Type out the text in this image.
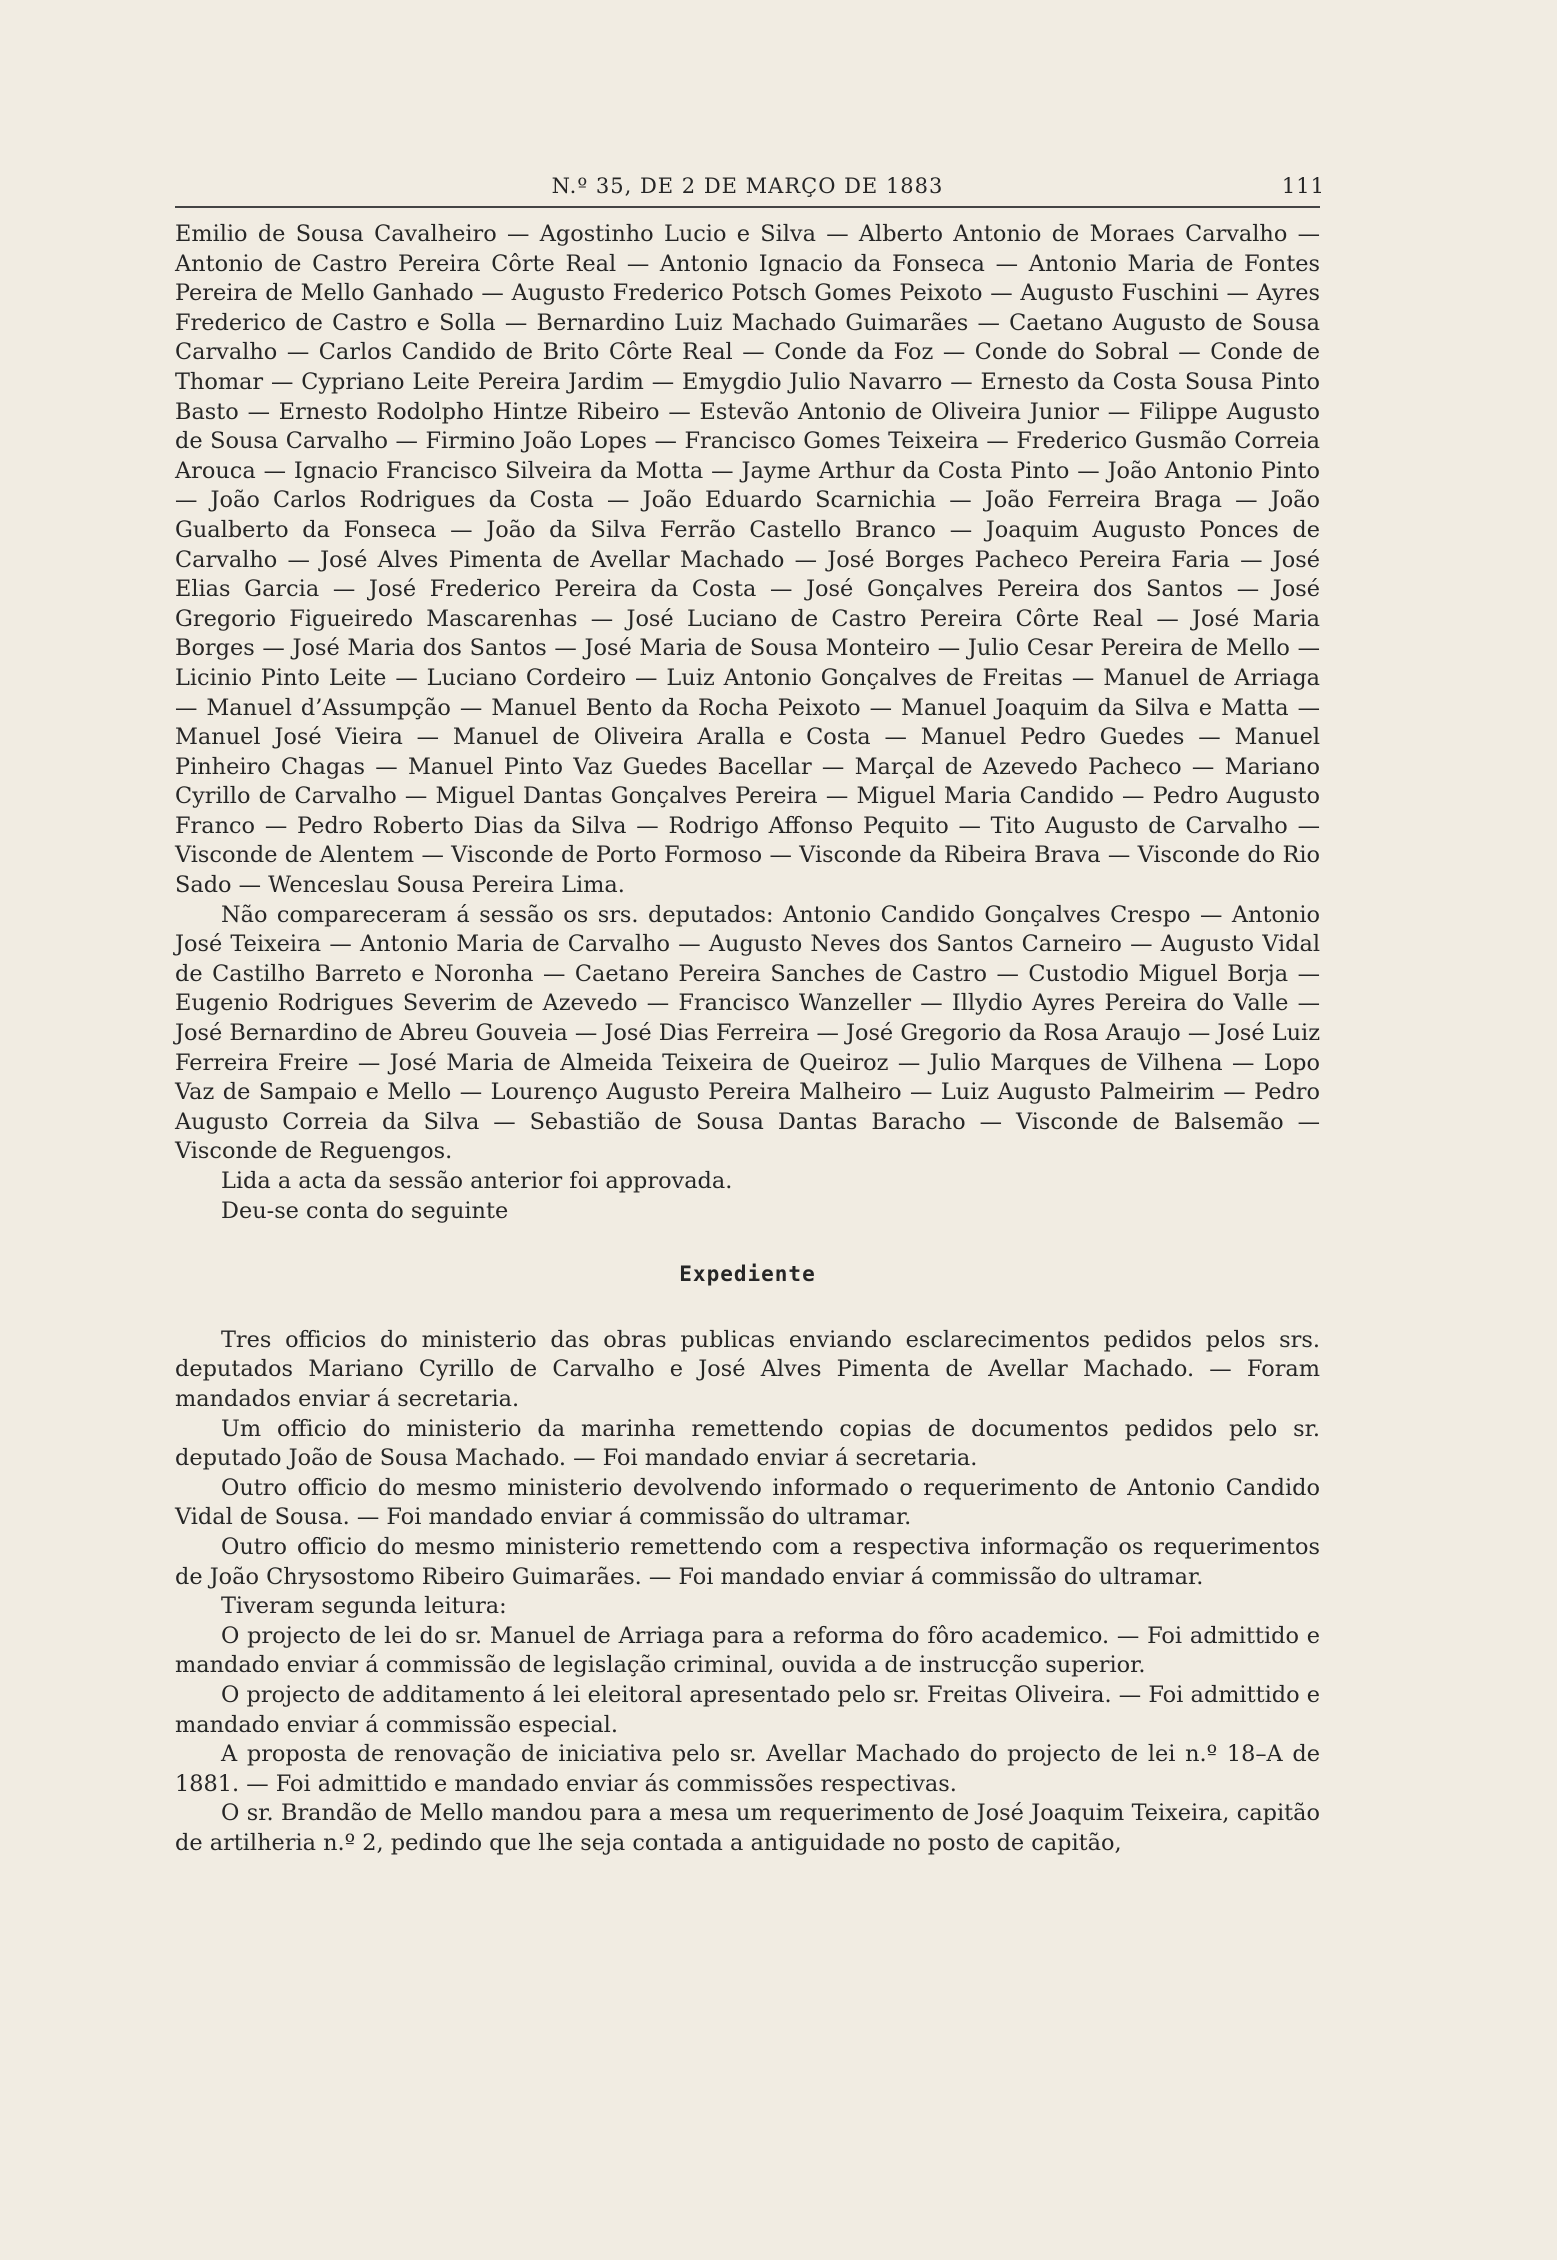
N.º 35, DE 2 DE MARÇO DE 1883	111

Emilio de Sousa Cavalheiro — Agostinho Lucio e Silva — Alberto Antonio de Moraes Carvalho — Antonio de Castro Pereira Côrte Real — Antonio Ignacio da Fonseca — Antonio Maria de Fontes Pereira de Mello Ganhado — Augusto Frederico Potsch Gomes Peixoto — Augusto Fuschini — Ayres Frederico de Castro e Solla — Bernardino Luiz Machado Guimarães — Caetano Augusto de Sousa Carvalho — Carlos Candido de Brito Côrte Real — Conde da Foz — Conde do Sobral — Conde de Thomar — Cypriano Leite Pereira Jardim — Emygdio Julio Navarro — Ernesto da Costa Sousa Pinto Basto — Ernesto Rodolpho Hintze Ribeiro — Estevão Antonio de Oliveira Junior — Filippe Augusto de Sousa Carvalho — Firmino João Lopes — Francisco Gomes Teixeira — Frederico Gusmão Correia Arouca — Ignacio Francisco Silveira da Motta — Jayme Arthur da Costa Pinto — João Antonio Pinto — João Carlos Rodrigues da Costa — João Eduardo Scarnichia — João Ferreira Braga — João Gualberto da Fonseca — João da Silva Ferrão Castello Branco — Joaquim Augusto Ponces de Carvalho — José Alves Pimenta de Avellar Machado — José Borges Pacheco Pereira Faria — José Elias Garcia — José Frederico Pereira da Costa — José Gonçalves Pereira dos Santos — José Gregorio Figueiredo Mascarenhas — José Luciano de Castro Pereira Côrte Real — José Maria Borges — José Maria dos Santos — José Maria de Sousa Monteiro — Julio Cesar Pereira de Mello — Licinio Pinto Leite — Luciano Cordeiro — Luiz Antonio Gonçalves de Freitas — Manuel de Arriaga — Manuel d’Assumpção — Manuel Bento da Rocha Peixoto — Manuel Joaquim da Silva e Matta — Manuel José Vieira — Manuel de Oliveira Aralla e Costa — Manuel Pedro Guedes — Manuel Pinheiro Chagas — Manuel Pinto Vaz Guedes Bacellar — Marçal de Azevedo Pacheco — Mariano Cyrillo de Carvalho — Miguel Dantas Gonçalves Pereira — Miguel Maria Candido — Pedro Augusto Franco — Pedro Roberto Dias da Silva — Rodrigo Affonso Pequito — Tito Augusto de Carvalho — Visconde de Alentem — Visconde de Porto Formoso — Visconde da Ribeira Brava — Visconde do Rio Sado — Wenceslau Sousa Pereira Lima.

Não compareceram á sessão os srs. deputados: Antonio Candido Gonçalves Crespo — Antonio José Teixeira — Antonio Maria de Carvalho — Augusto Neves dos Santos Carneiro — Augusto Vidal de Castilho Barreto e Noronha — Caetano Pereira Sanches de Castro — Custodio Miguel Borja — Eugenio Rodrigues Severim de Azevedo — Francisco Wanzeller — Illydio Ayres Pereira do Valle — José Bernardino de Abreu Gouveia — José Dias Ferreira — José Gregorio da Rosa Araujo — José Luiz Ferreira Freire — José Maria de Almeida Teixeira de Queiroz — Julio Marques de Vilhena — Lopo Vaz de Sampaio e Mello — Lourenço Augusto Pereira Malheiro — Luiz Augusto Palmeirim — Pedro Augusto Correia da Silva — Sebastião de Sousa Dantas Baracho — Visconde de Balsemão — Visconde de Reguengos.

Lida a acta da sessão anterior foi approvada.

Deu-se conta do seguinte

Expediente

Tres officios do ministerio das obras publicas enviando esclarecimentos pedidos pelos srs. deputados Mariano Cyrillo de Carvalho e José Alves Pimenta de Avellar Machado. — Foram mandados enviar á secretaria.

Um officio do ministerio da marinha remettendo copias de documentos pedidos pelo sr. deputado João de Sousa Machado. — Foi mandado enviar á secretaria.

Outro officio do mesmo ministerio devolvendo informado o requerimento de Antonio Candido Vidal de Sousa. — Foi mandado enviar á commissão do ultramar.

Outro officio do mesmo ministerio remettendo com a respectiva informação os requerimentos de João Chrysostomo Ribeiro Guimarães. — Foi mandado enviar á commissão do ultramar.

Tiveram segunda leitura:

O projecto de lei do sr. Manuel de Arriaga para a reforma do fôro academico. — Foi admittido e mandado enviar á commissão de legislação criminal, ouvida a de instrucção superior.

O projecto de additamento á lei eleitoral apresentado pelo sr. Freitas Oliveira. — Foi admittido e mandado enviar á commissão especial.

A proposta de renovação de iniciativa pelo sr. Avellar Machado do projecto de lei n.º 18–A de 1881. — Foi admittido e mandado enviar ás commissões respectivas.

O sr. Brandão de Mello mandou para a mesa um requerimento de José Joaquim Teixeira, capitão de artilheria n.º 2, pedindo que lhe seja contada a antiguidade no posto de capitão,
